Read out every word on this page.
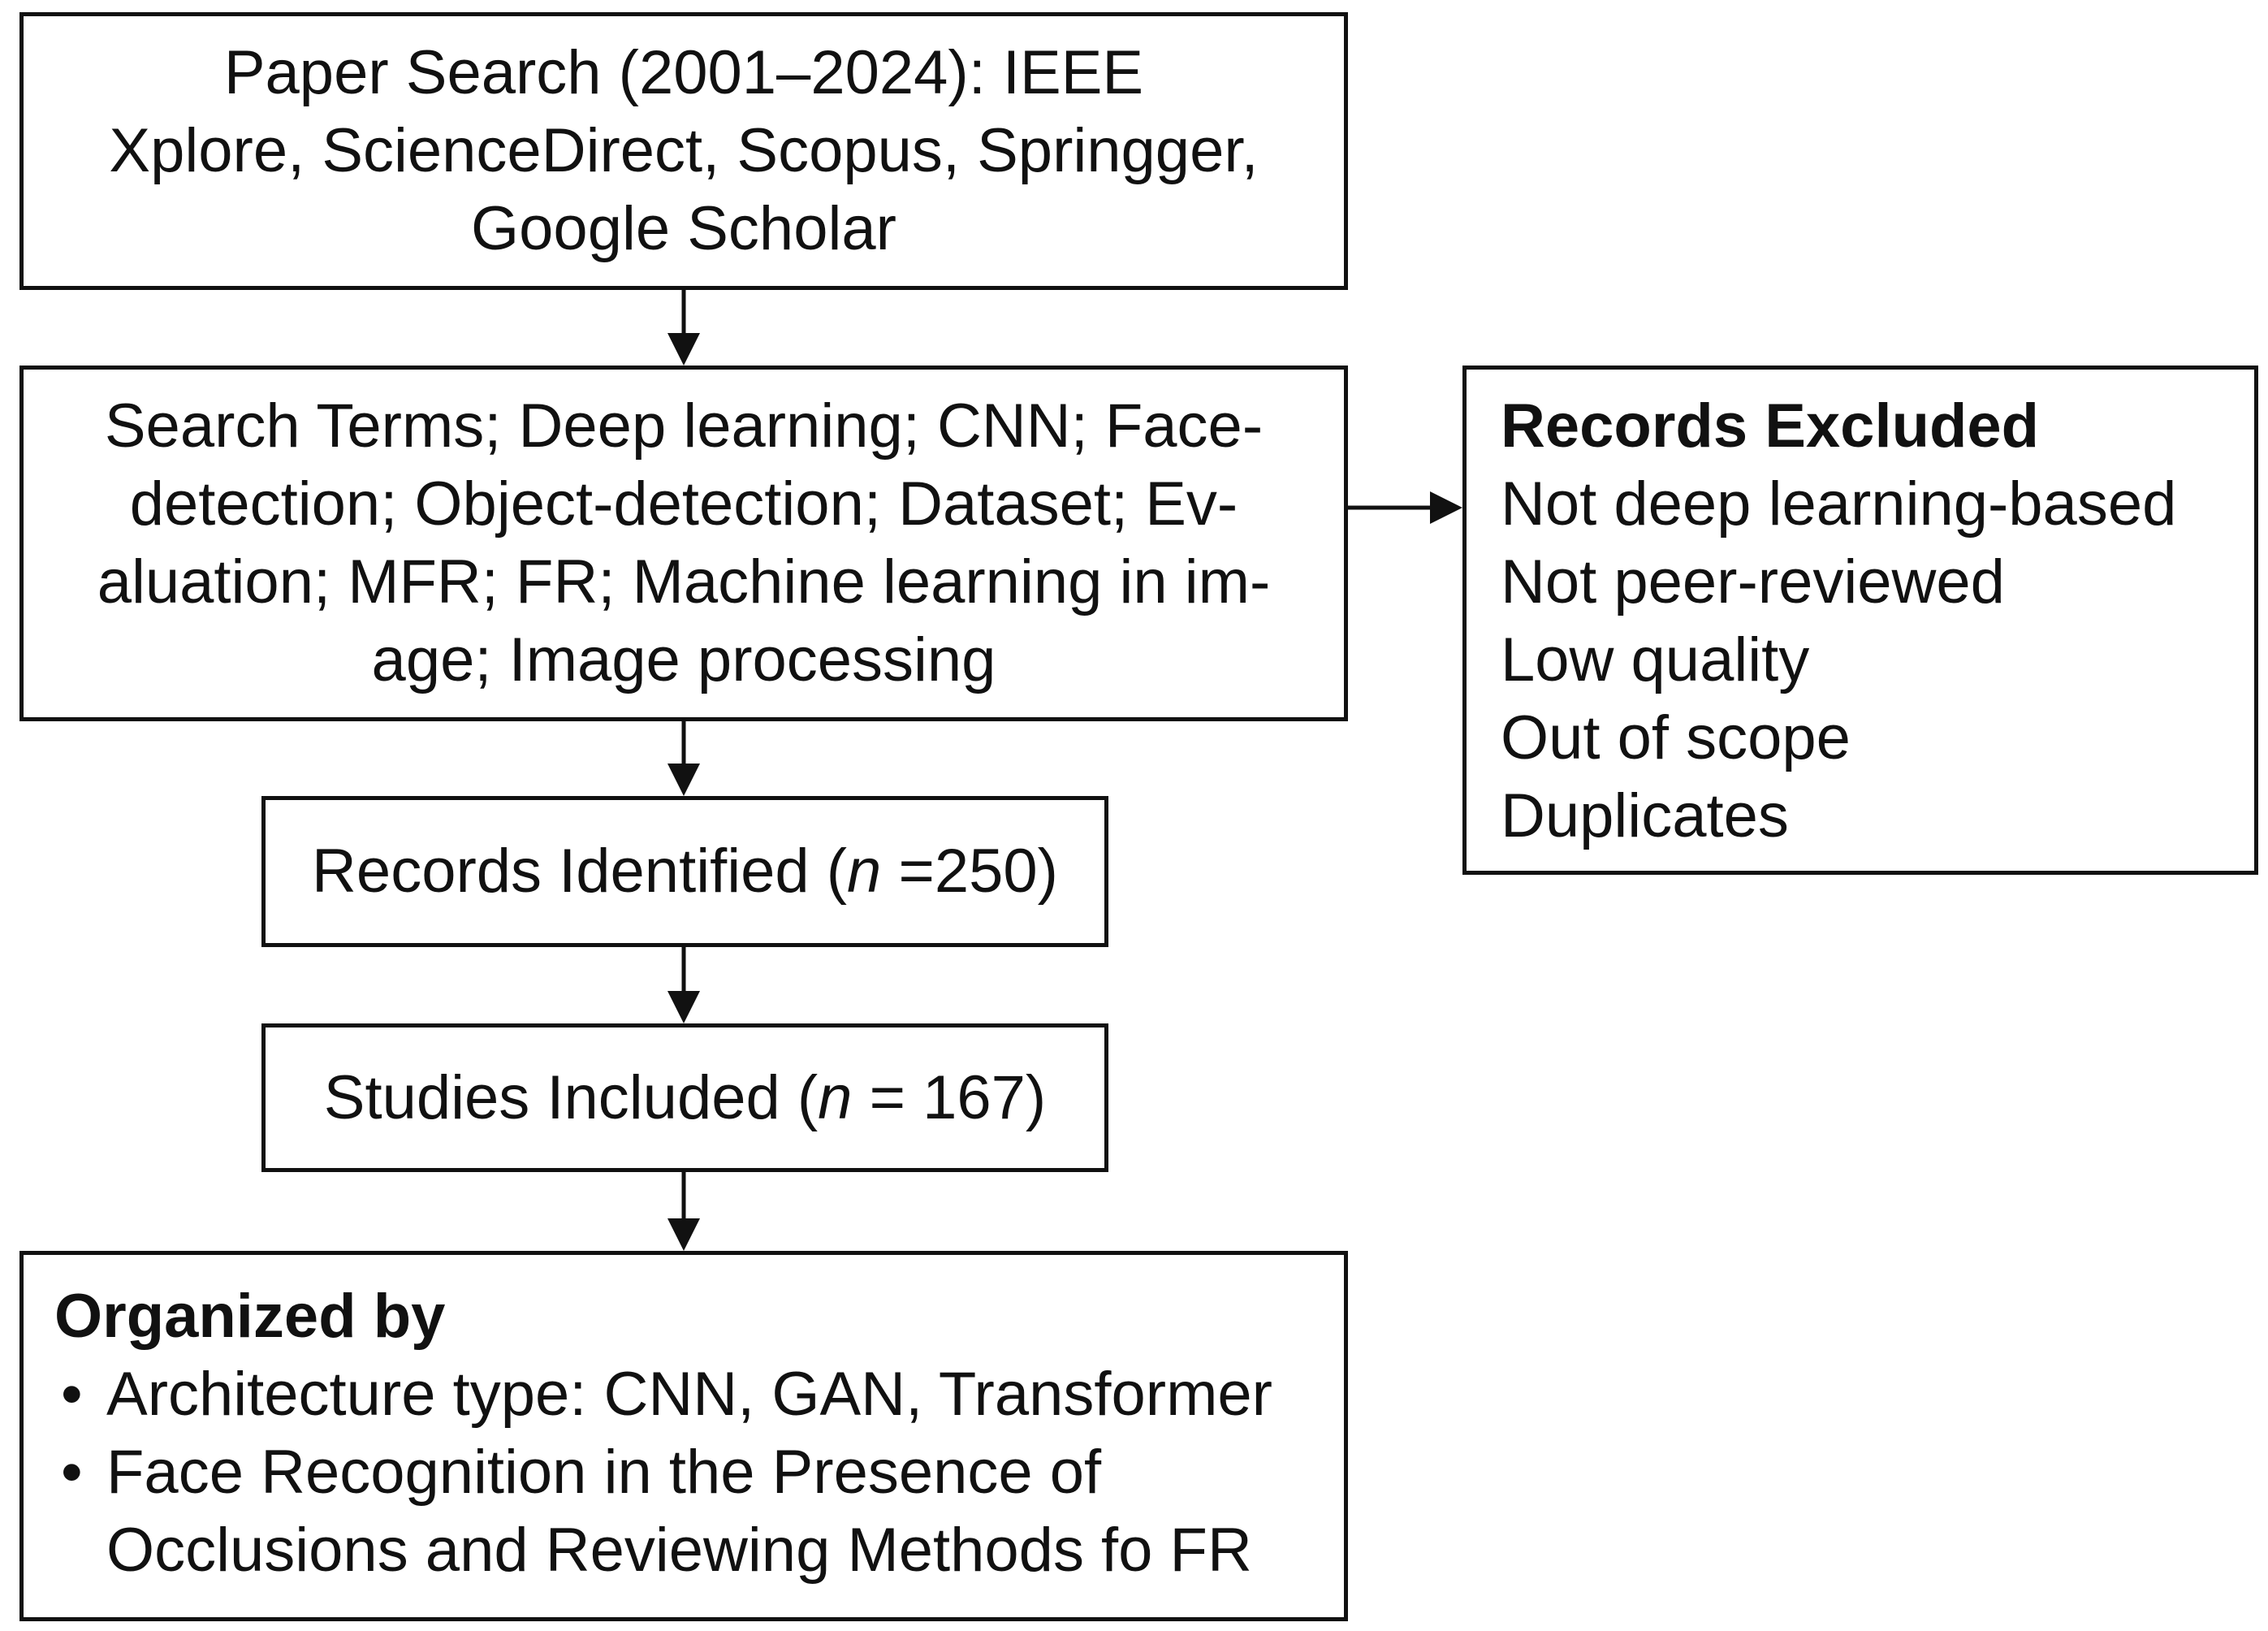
Paper Search (2001–2024): IEEE
Xplore, ScienceDirect, Scopus, Springger,
Google Scholar
Search Terms; Deep learning; CNN; Face-
detection; Object-detection; Dataset; Ev-
aluation; MFR; FR; Machine learning in im-
age; Image processing
Records Identified (n =250)
Studies Included (n = 167)
Organized by
• Architecture type: CNN, GAN, Transformer
• Face Recognition in the Presence of
Occlusions and Reviewing Methods fo FR
Records Excluded
Not deep learning-based
Not peer-reviewed
Low quality
Out of scope
Duplicates
